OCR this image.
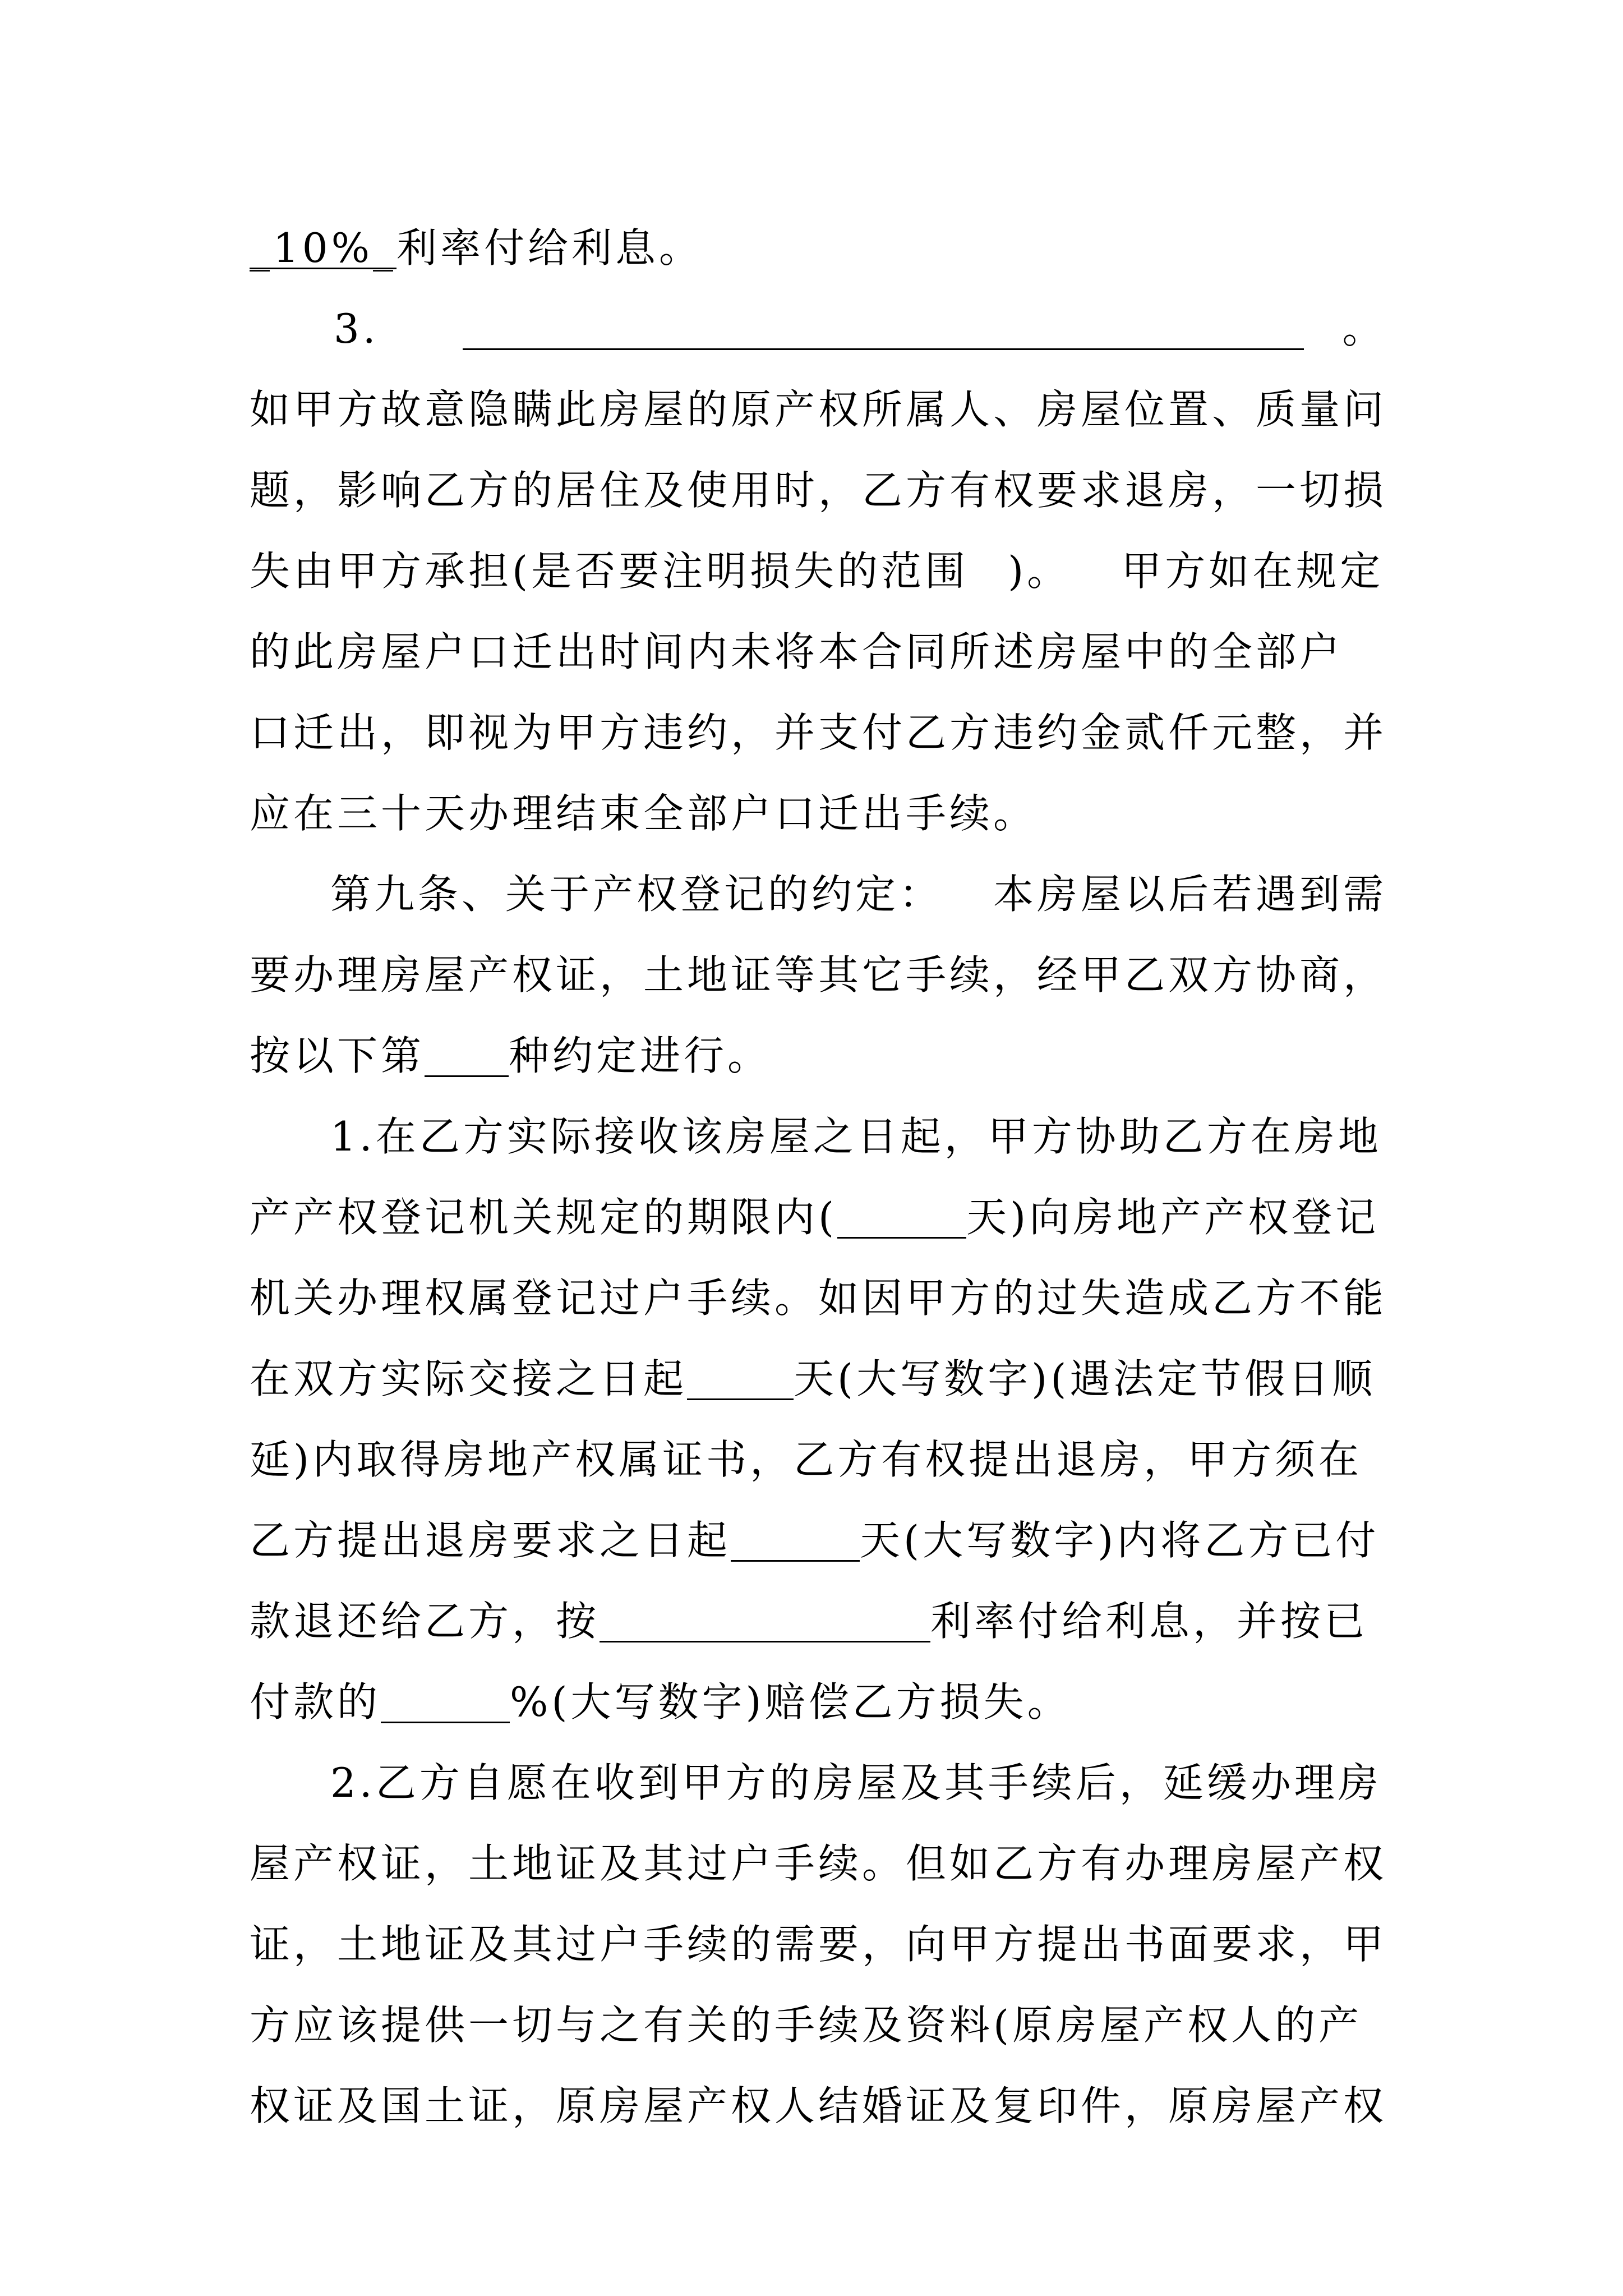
_10%_利率付给利息。
3.	。
如甲方故意隐瞒此房屋的原产权所属人、房屋位置、质量问
题，影响乙方的居住及使用时，乙方有权要求退房，一切损
失由甲方承担(是否要注明损失的范围 )。 甲方如在规定
的此房屋户口迁出时间内未将本合同所述房屋中的全部户
口迁出，即视为甲方违约，并支付乙方违约金贰仟元整，并
应在三十天办理结束全部户口迁出手续。
第九条、关于产权登记的约定： 本房屋以后若遇到需
要办理房屋产权证，土地证等其它手续，经甲乙双方协商，
按以下第 种约定进行。
1.在乙方实际接收该房屋之日起，甲方协助乙方在房地
产产权登记机关规定的期限内(	天)向房地产产权登记
机关办理权属登记过户手续。如因甲方的过失造成乙方不能
在双方实际交接之日起	天(大写数字)(遇法定节假日顺
延)内取得房地产权属证书，乙方有权提出退房，甲方须在
乙方提出退房要求之日起	天(大写数字)内将乙方已付
款退还给乙方，按	利率付给利息，并按已
付款的	%(大写数字)赔偿乙方损失。
2.乙方自愿在收到甲方的房屋及其手续后，延缓办理房
屋产权证，土地证及其过户手续。但如乙方有办理房屋产权
证，土地证及其过户手续的需要，向甲方提出书面要求，甲
方应该提供一切与之有关的手续及资料(原房屋产权人的产
权证及国土证，原房屋产权人结婚证及复印件，原房屋产权
